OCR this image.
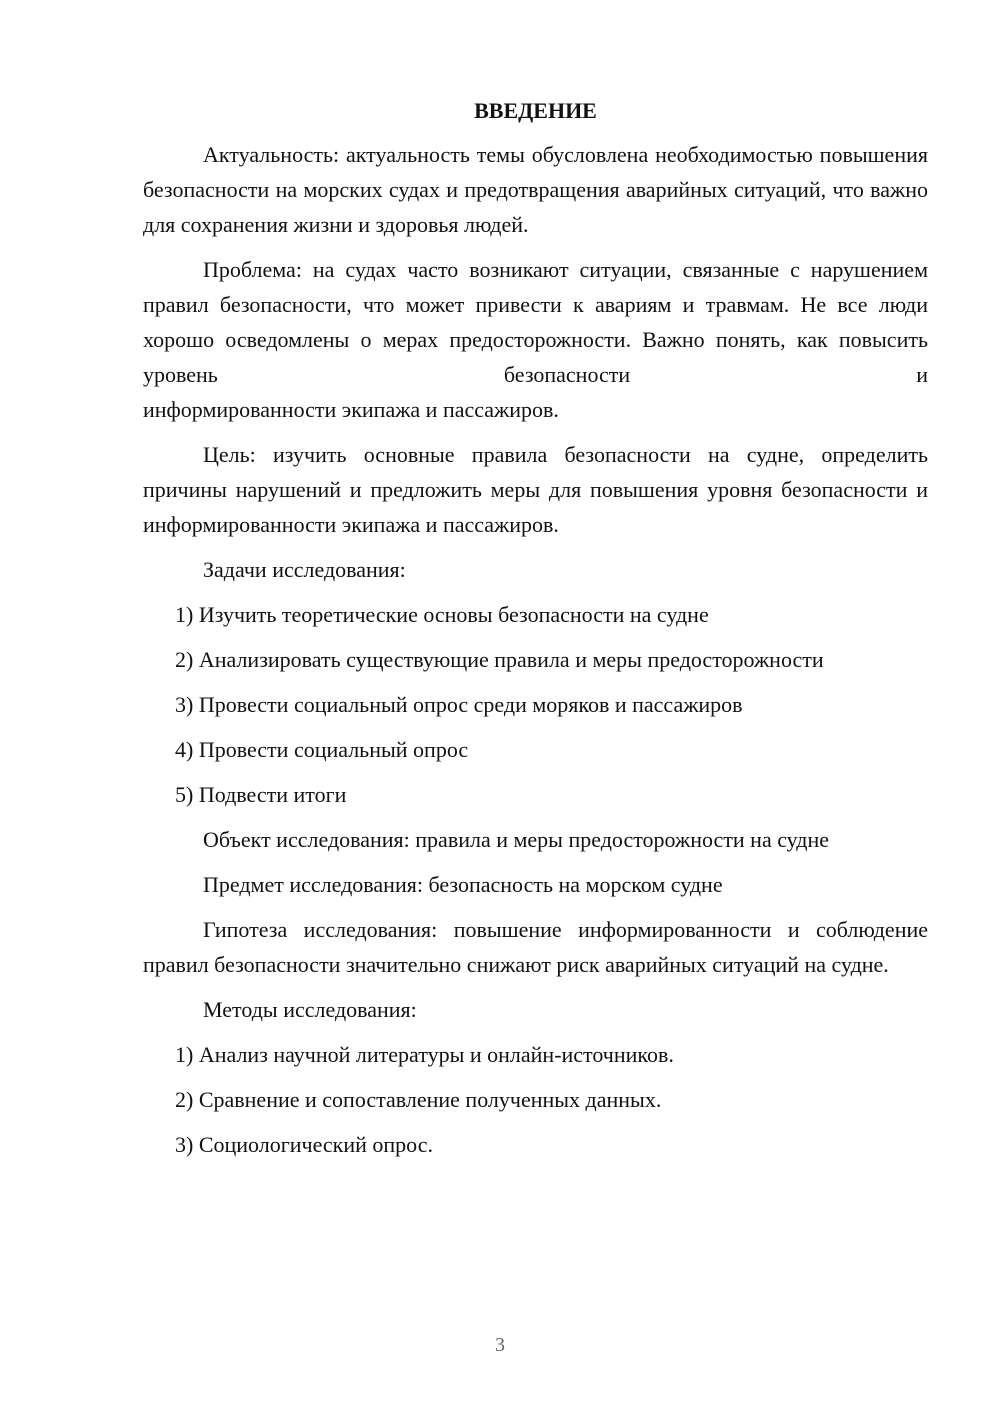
ВВЕДЕНИЕ

Актуальность: актуальность темы обусловлена необходимостью повышения безопасности на морских судах и предотвращения аварийных ситуаций, что важно для сохранения жизни и здоровья людей.

Проблема: на судах часто возникают ситуации, связанные с нарушением правил безопасности, что может привести к авариям и травмам. Не все люди хорошо осведомлены о мерах предосторожности. Важно понять, как повысить уровень безопасности и

информированности экипажа и пассажиров.

Цель: изучить основные правила безопасности на судне, определить причины нарушений и предложить меры для повышения уровня безопасности и информированности экипажа и пассажиров.

Задачи исследования:
1) Изучить теоретические основы безопасности на судне
2) Анализировать существующие правила и меры предосторожности
3) Провести социальный опрос среди моряков и пассажиров
4) Провести социальный опрос
5) Подвести итоги
Объект исследования: правила и меры предосторожности на судне
Предмет исследования: безопасность на морском судне

Гипотеза исследования: повышение информированности и соблюдение правил безопасности значительно снижают риск аварийных ситуаций на судне.

Методы исследования:
1) Анализ научной литературы и онлайн-источников.
2) Сравнение и сопоставление полученных данных.
3) Социологический опрос.
3
